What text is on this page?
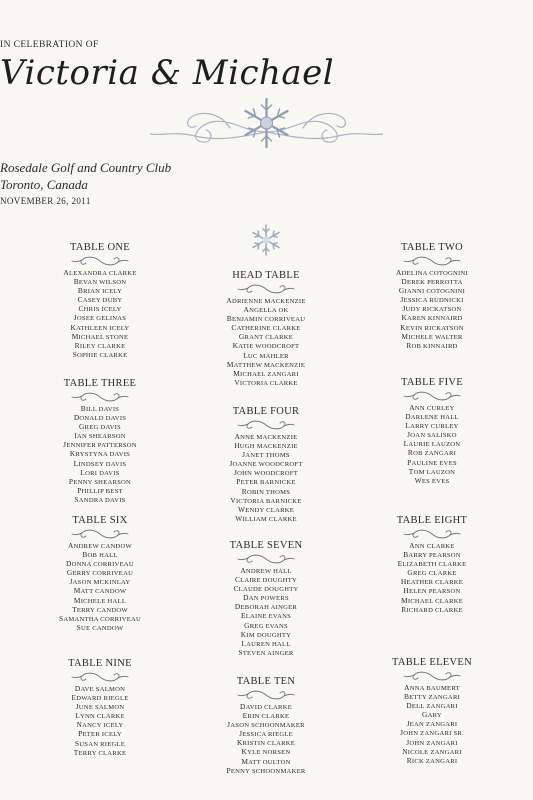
IN CELEBRATION OF
Victoria & Michael
Rosedale Golf and Country Club
Toronto, Canada
NOVEMBER 26, 2011
TABLE ONE
ALEXANDRA CLARKE
BEVAN WILSON
BRIAN ICELY
CASEY DUBY
CHRIS ICELY
JOSEE GELINAS
KATHLEEN ICELY
MICHAEL STONE
RILEY CLARKE
SOPHIE CLARKE
HEAD TABLE
ADRIENNE MACKENZIE
ANGELLA OK
BENJAMIN CORRIVEAU
CATHERINE CLARKE
GRANT CLARKE
KATIE WOODCROFT
LUC MAHLER
MATTHEW MACKENZIE
MICHAEL ZANGARI
VICTORIA CLARKE
TABLE TWO
ADELINA COTOGNINI
DEREK PERROTTA
GIANNI COTOGNINI
JESSICA RUDNICKI
JUDY RICKATSON
KAREN KINNAIRD
KEVIN RICKATSON
MICHELE WALTER
ROB KINNAIRD
TABLE THREE
BILL DAVIS
DONALD DAVIS
GREG DAVIS
IAN SHEARSON
JENNIFER PATTERSON
KRYSTYNA DAVIS
LINDSEY DAVIS
LORI DAVIS
PENNY SHEARSON
PHILLIP BEST
SANDRA DAVIS
TABLE FOUR
ANNE MACKENZIE
HUGH MACKENZIE
JANET THOMS
JOANNE WOODCROFT
JOHN WOODCROFT
PETER BARNICKE
ROBIN THOMS
VICTORIA BARNICKE
WENDY CLARKE
WILLIAM CLARKE
TABLE FIVE
ANN CURLEY
DARLENE HALL
LARRY CURLEY
JOAN SALISKO
LAURIE LAUZON
ROB ZANGARI
PAULINE EVES
TOM LAUZON
WES EVES
TABLE SIX
ANDREW CANDOW
BOB HALL
DONNA CORRIVEAU
GERRY CORRIVEAU
JASON MCKINLAY
MATT CANDOW
MICHELE HALL
TERRY CANDOW
SAMANTHA CORRIVEAU
SUE CANDOW
TABLE SEVEN
ANDREW HALL
CLAIRE DOUGHTY
CLAUDE DOUGHTY
DAN POWERS
DEBORAH AINGER
ELAINE EVANS
GREG EVANS
KIM DOUGHTY
LAUREN HALL
STEVEN AINGER
TABLE EIGHT
ANN CLARKE
BARRY PEARSON
ELIZABETH CLARKE
GREG CLARKE
HEATHER CLARKE
HELEN PEARSON
MICHAEL CLARKE
RICHARD CLARKE
TABLE NINE
DAVE SALMON
EDWARD RIEGLE
JUNE SALMON
LYNN CLARKE
NANCY ICELY
PETER ICELY
SUSAN RIEGLE
TERRY CLARKE
TABLE TEN
DAVID CLARKE
ERIN CLARKE
JASON SCHOONMAKER
JESSICA RIEGLE
KRISTIN CLARKE
KYLE NORSEN
MATT OULTON
PENNY SCHOONMAKER
TABLE ELEVEN
ANNA BAUMERT
BETTY ZANGARI
DELL ZANGARI
GARY
JEAN ZANGARI
JOHN ZANGARI SR.
JOHN ZANGARI
NICOLE ZANGARI
RICK ZANGARI
